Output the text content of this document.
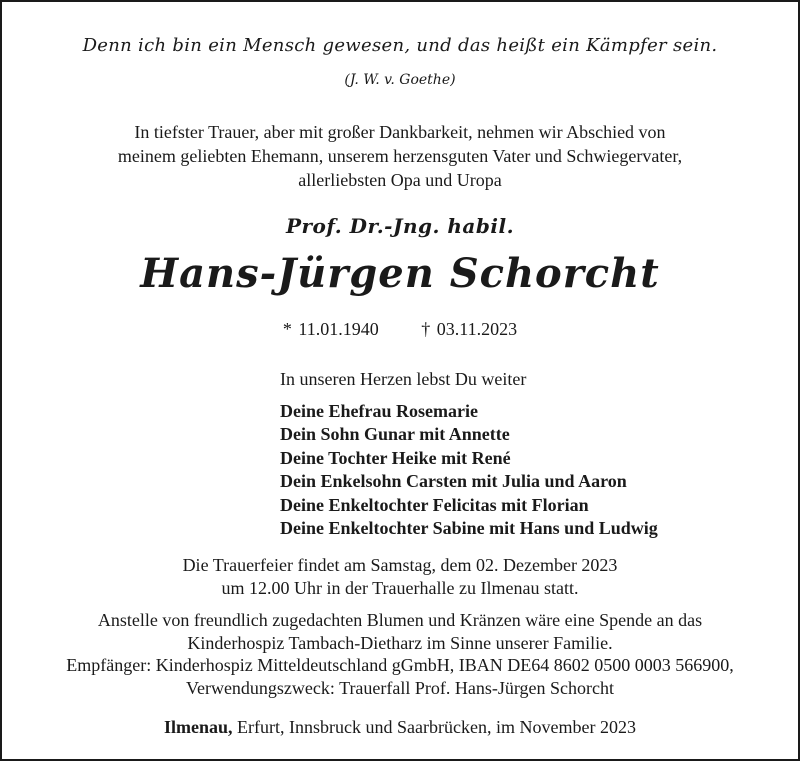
Denn ich bin ein Mensch gewesen, und das heißt ein Kämpfer sein.
(J. W. v. Goethe)
In tiefster Trauer, aber mit großer Dankbarkeit, nehmen wir Abschied von
meinem geliebten Ehemann, unserem herzensguten Vater und Schwiegervater,
allerliebsten Opa und Uropa
Prof. Dr.-Jng. habil.
Hans-Jürgen Schorcht
* 11.01.1940 † 03.11.2023
In unseren Herzen lebst Du weiter
Deine Ehefrau Rosemarie
Dein Sohn Gunar mit Annette
Deine Tochter Heike mit René
Dein Enkelsohn Carsten mit Julia und Aaron
Deine Enkeltochter Felicitas mit Florian
Deine Enkeltochter Sabine mit Hans und Ludwig
Die Trauerfeier findet am Samstag, dem 02. Dezember 2023
um 12.00 Uhr in der Trauerhalle zu Ilmenau statt.
Anstelle von freundlich zugedachten Blumen und Kränzen wäre eine Spende an das
Kinderhospiz Tambach-Dietharz im Sinne unserer Familie.
Empfänger: Kinderhospiz Mitteldeutschland gGmbH, IBAN DE64 8602 0500 0003 566900,
Verwendungszweck: Trauerfall Prof. Hans-Jürgen Schorcht
Ilmenau, Erfurt, Innsbruck und Saarbrücken, im November 2023
